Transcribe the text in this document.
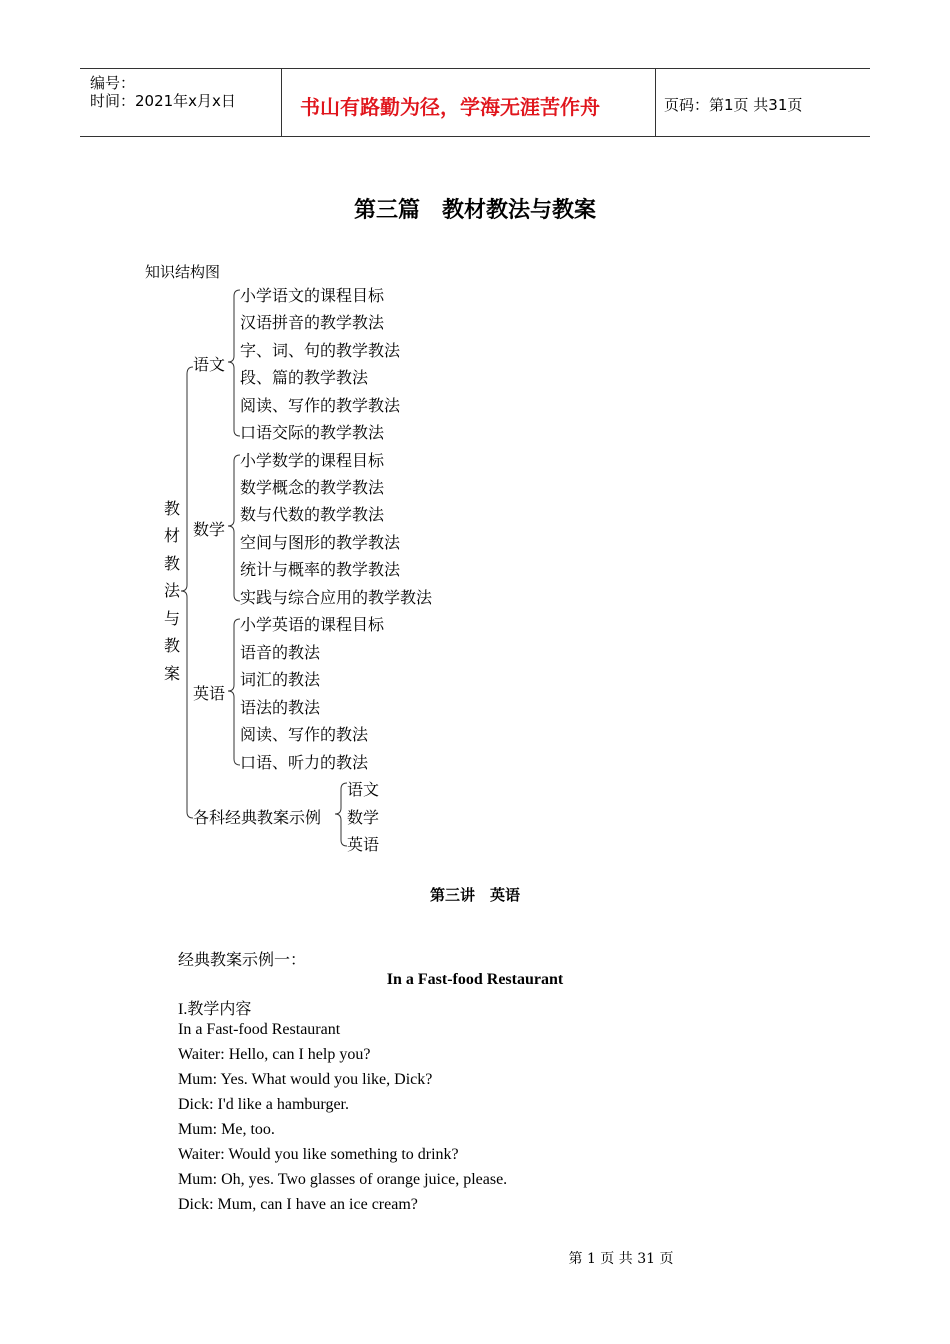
编号：
时间：2021年x月x日	书山有路勤为径，学海无涯苦作舟	页码：第1页 共31页
第三篇　教材教法与教案
知识结构图
教
材
教
法
与
教
案
语文
小学语文的课程目标
汉语拼音的教学教法
字、词、句的教学教法
段、篇的教学教法
阅读、写作的教学教法
口语交际的教学教法
数学
小学数学的课程目标
数学概念的教学教法
数与代数的教学教法
空间与图形的教学教法
统计与概率的教学教法
实践与综合应用的教学教法
英语
小学英语的课程目标
语音的教法
词汇的教法
语法的教法
阅读、写作的教法
口语、听力的教法
各科经典教案示例
语文
数学
英语
第三讲　英语
经典教案示例一：
In a Fast-food Restaurant
I.教学内容
In a Fast-food Restaurant
Waiter: Hello, can I help you?
Mum: Yes. What would you like, Dick?
Dick: I'd like a hamburger.
Mum: Me, too.
Waiter: Would you like something to drink?
Mum: Oh, yes. Two glasses of orange juice, please.
Dick: Mum, can I have an ice cream?
第 1 页 共 31 页
